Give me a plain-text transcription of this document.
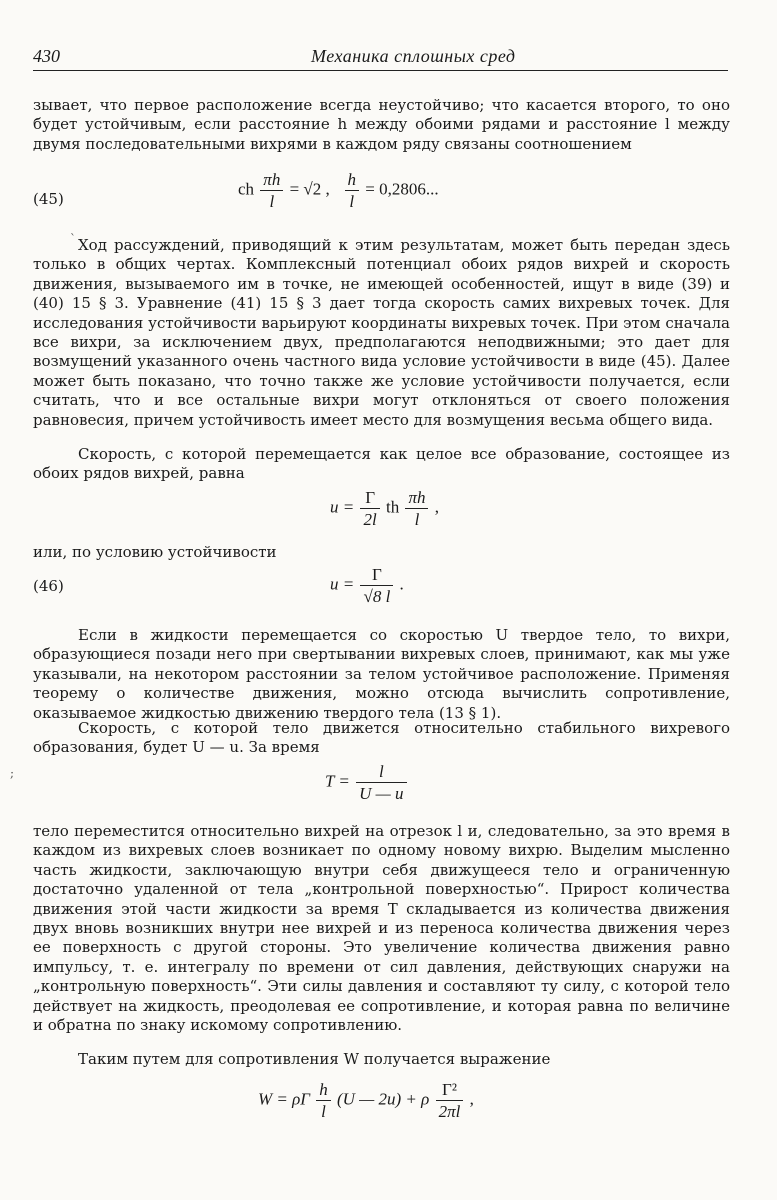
430	Механика сплошных сред

зывает, что первое расположение всегда неустойчиво; что касается второго, то оно будет устойчивым, если расстояние h между обоими рядами и расстояние l между двумя последовательными вихрями в каждом ряду связаны соотношением

(45)
ch $\frac{\pi h}{l} = √2$ , $\frac{h}{l} = 0,2806$...
ˋ Ход рассуждений, приводящий к этим результатам, может быть передан здесь только в общих чертах. Комплексный потенциал обоих рядов вихрей и скорость движения, вызываемого им в точке, не имеющей особенностей, ищут в виде (39) и (40) 15 § 3. Уравнение (41) 15 § 3 дает тогда скорость самих вихревых точек. Для исследования устойчивости варьируют координаты вихревых точек. При этом сначала все вихри, за исключением двух, предполагаются неподвижными; это дает для возмущений указанного очень частного вида условие устойчивости в виде (45). Далее может быть показано, что точно также же условие устойчивости получается, если считать, что и все остальные вихри могут отклоняться от своего положения равновесия, причем устойчивость имеет место для возмущения весьма общего вида.

Скорость, с которой перемещается как целое все образование, состоящее из обоих рядов вихрей, равна

$u = \frac{\Gamma}{2l}$ th $\frac{\pi h}{l}$ ,

или, по условию устойчивости

(46)	$u = \frac{\Gamma}{√8 l}$ .

Если в жидкости перемещается со скоростью U твердое тело, то вихри, образующиеся позади него при свертывании вихревых слоев, принимают, как мы уже указывали, на некотором расстоянии за телом устойчивое расположение. Применяя теорему о количестве движения, можно отсюда вычислить сопротивление, оказываемое жидкостью движению твердого тела (13 § 1).

Скорость, с которой тело движется относительно стабильного вихревого образования, будет U — u. За время

;	$T = \frac{l}{U — u}$

тело переместится относительно вихрей на отрезок l и, следовательно, за это время в каждом из вихревых слоев возникает по одному новому вихрю. Выделим мысленно часть жидкости, заключающую внутри себя движущееся тело и ограниченную достаточно удаленной от тела „контрольной поверхностью“. Прирост количества движения этой части жидкости за время T складывается из количества движения двух вновь возникших внутри нее вихрей и из переноса количества движения через ее поверхность с другой стороны. Это увеличение количества движения равно импульсу, т. е. интегралу по времени от сил давления, действующих снаружи на „контрольную поверхность“. Эти силы давления и составляют ту силу, с которой тело действует на жидкость, преодолевая ее сопротивление, и которая равна по величине и обратна по знаку искомому сопротивлению.

Таким путем для сопротивления W получается выражение

W = ρΓ $\frac{h}{l} (U$ — 2u) + ρ $\frac{\text{Γ²}}{2\pi l}$ ,
